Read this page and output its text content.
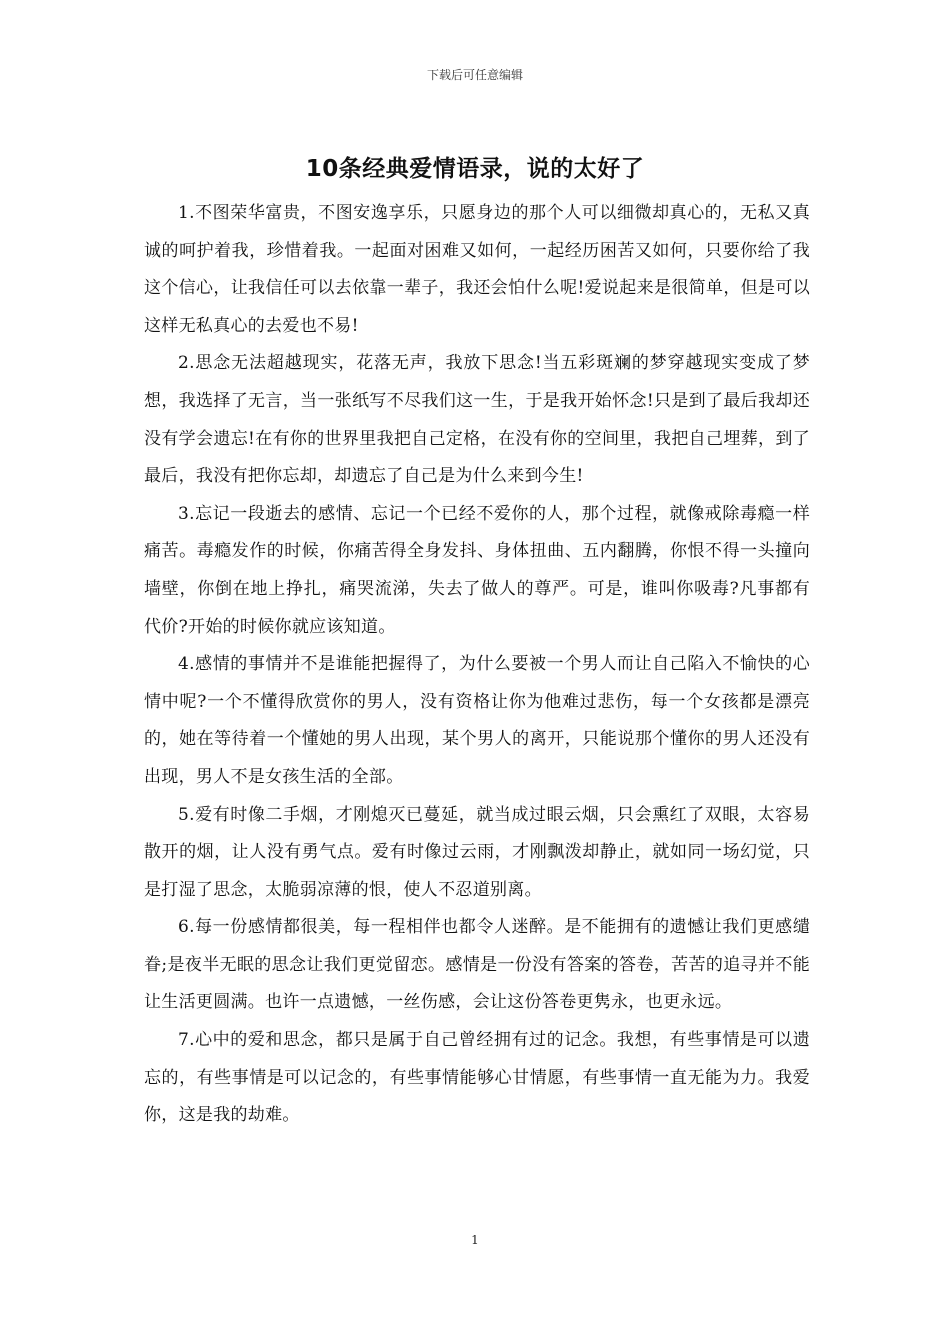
下载后可任意编辑
10条经典爱情语录，说的太好了

1.不图荣华富贵，不图安逸享乐，只愿身边的那个人可以细微却真心的，无私又真诚的呵护着我，珍惜着我。一起面对困难又如何，一起经历困苦又如何，只要你给了我这个信心，让我信任可以去依靠一辈子，我还会怕什么呢!爱说起来是很简单，但是可以这样无私真心的去爱也不易!

2.思念无法超越现实，花落无声，我放下思念!当五彩斑斓的梦穿越现实变成了梦想，我选择了无言，当一张纸写不尽我们这一生，于是我开始怀念!只是到了最后我却还没有学会遗忘!在有你的世界里我把自己定格，在没有你的空间里，我把自己埋葬，到了最后，我没有把你忘却，却遗忘了自己是为什么来到今生!

3.忘记一段逝去的感情、忘记一个已经不爱你的人，那个过程，就像戒除毒瘾一样痛苦。毒瘾发作的时候，你痛苦得全身发抖、身体扭曲、五内翻腾，你恨不得一头撞向墙壁，你倒在地上挣扎，痛哭流涕，失去了做人的尊严。可是，谁叫你吸毒?凡事都有代价?开始的时候你就应该知道。

4.感情的事情并不是谁能把握得了，为什么要被一个男人而让自己陷入不愉快的心情中呢?一个不懂得欣赏你的男人，没有资格让你为他难过悲伤，每一个女孩都是漂亮的，她在等待着一个懂她的男人出现，某个男人的离开，只能说那个懂你的男人还没有出现，男人不是女孩生活的全部。

5.爱有时像二手烟，才刚熄灭已蔓延，就当成过眼云烟，只会熏红了双眼，太容易散开的烟，让人没有勇气点。爱有时像过云雨，才刚飘泼却静止，就如同一场幻觉，只是打湿了思念，太脆弱凉薄的恨，使人不忍道别离。

6.每一份感情都很美，每一程相伴也都令人迷醉。是不能拥有的遗憾让我们更感缱眷;是夜半无眠的思念让我们更觉留恋。感情是一份没有答案的答卷，苦苦的追寻并不能让生活更圆满。也许一点遗憾，一丝伤感，会让这份答卷更隽永，也更永远。

7.心中的爱和思念，都只是属于自己曾经拥有过的记念。我想，有些事情是可以遗忘的，有些事情是可以记念的，有些事情能够心甘情愿，有些事情一直无能为力。我爱你，这是我的劫难。

1
